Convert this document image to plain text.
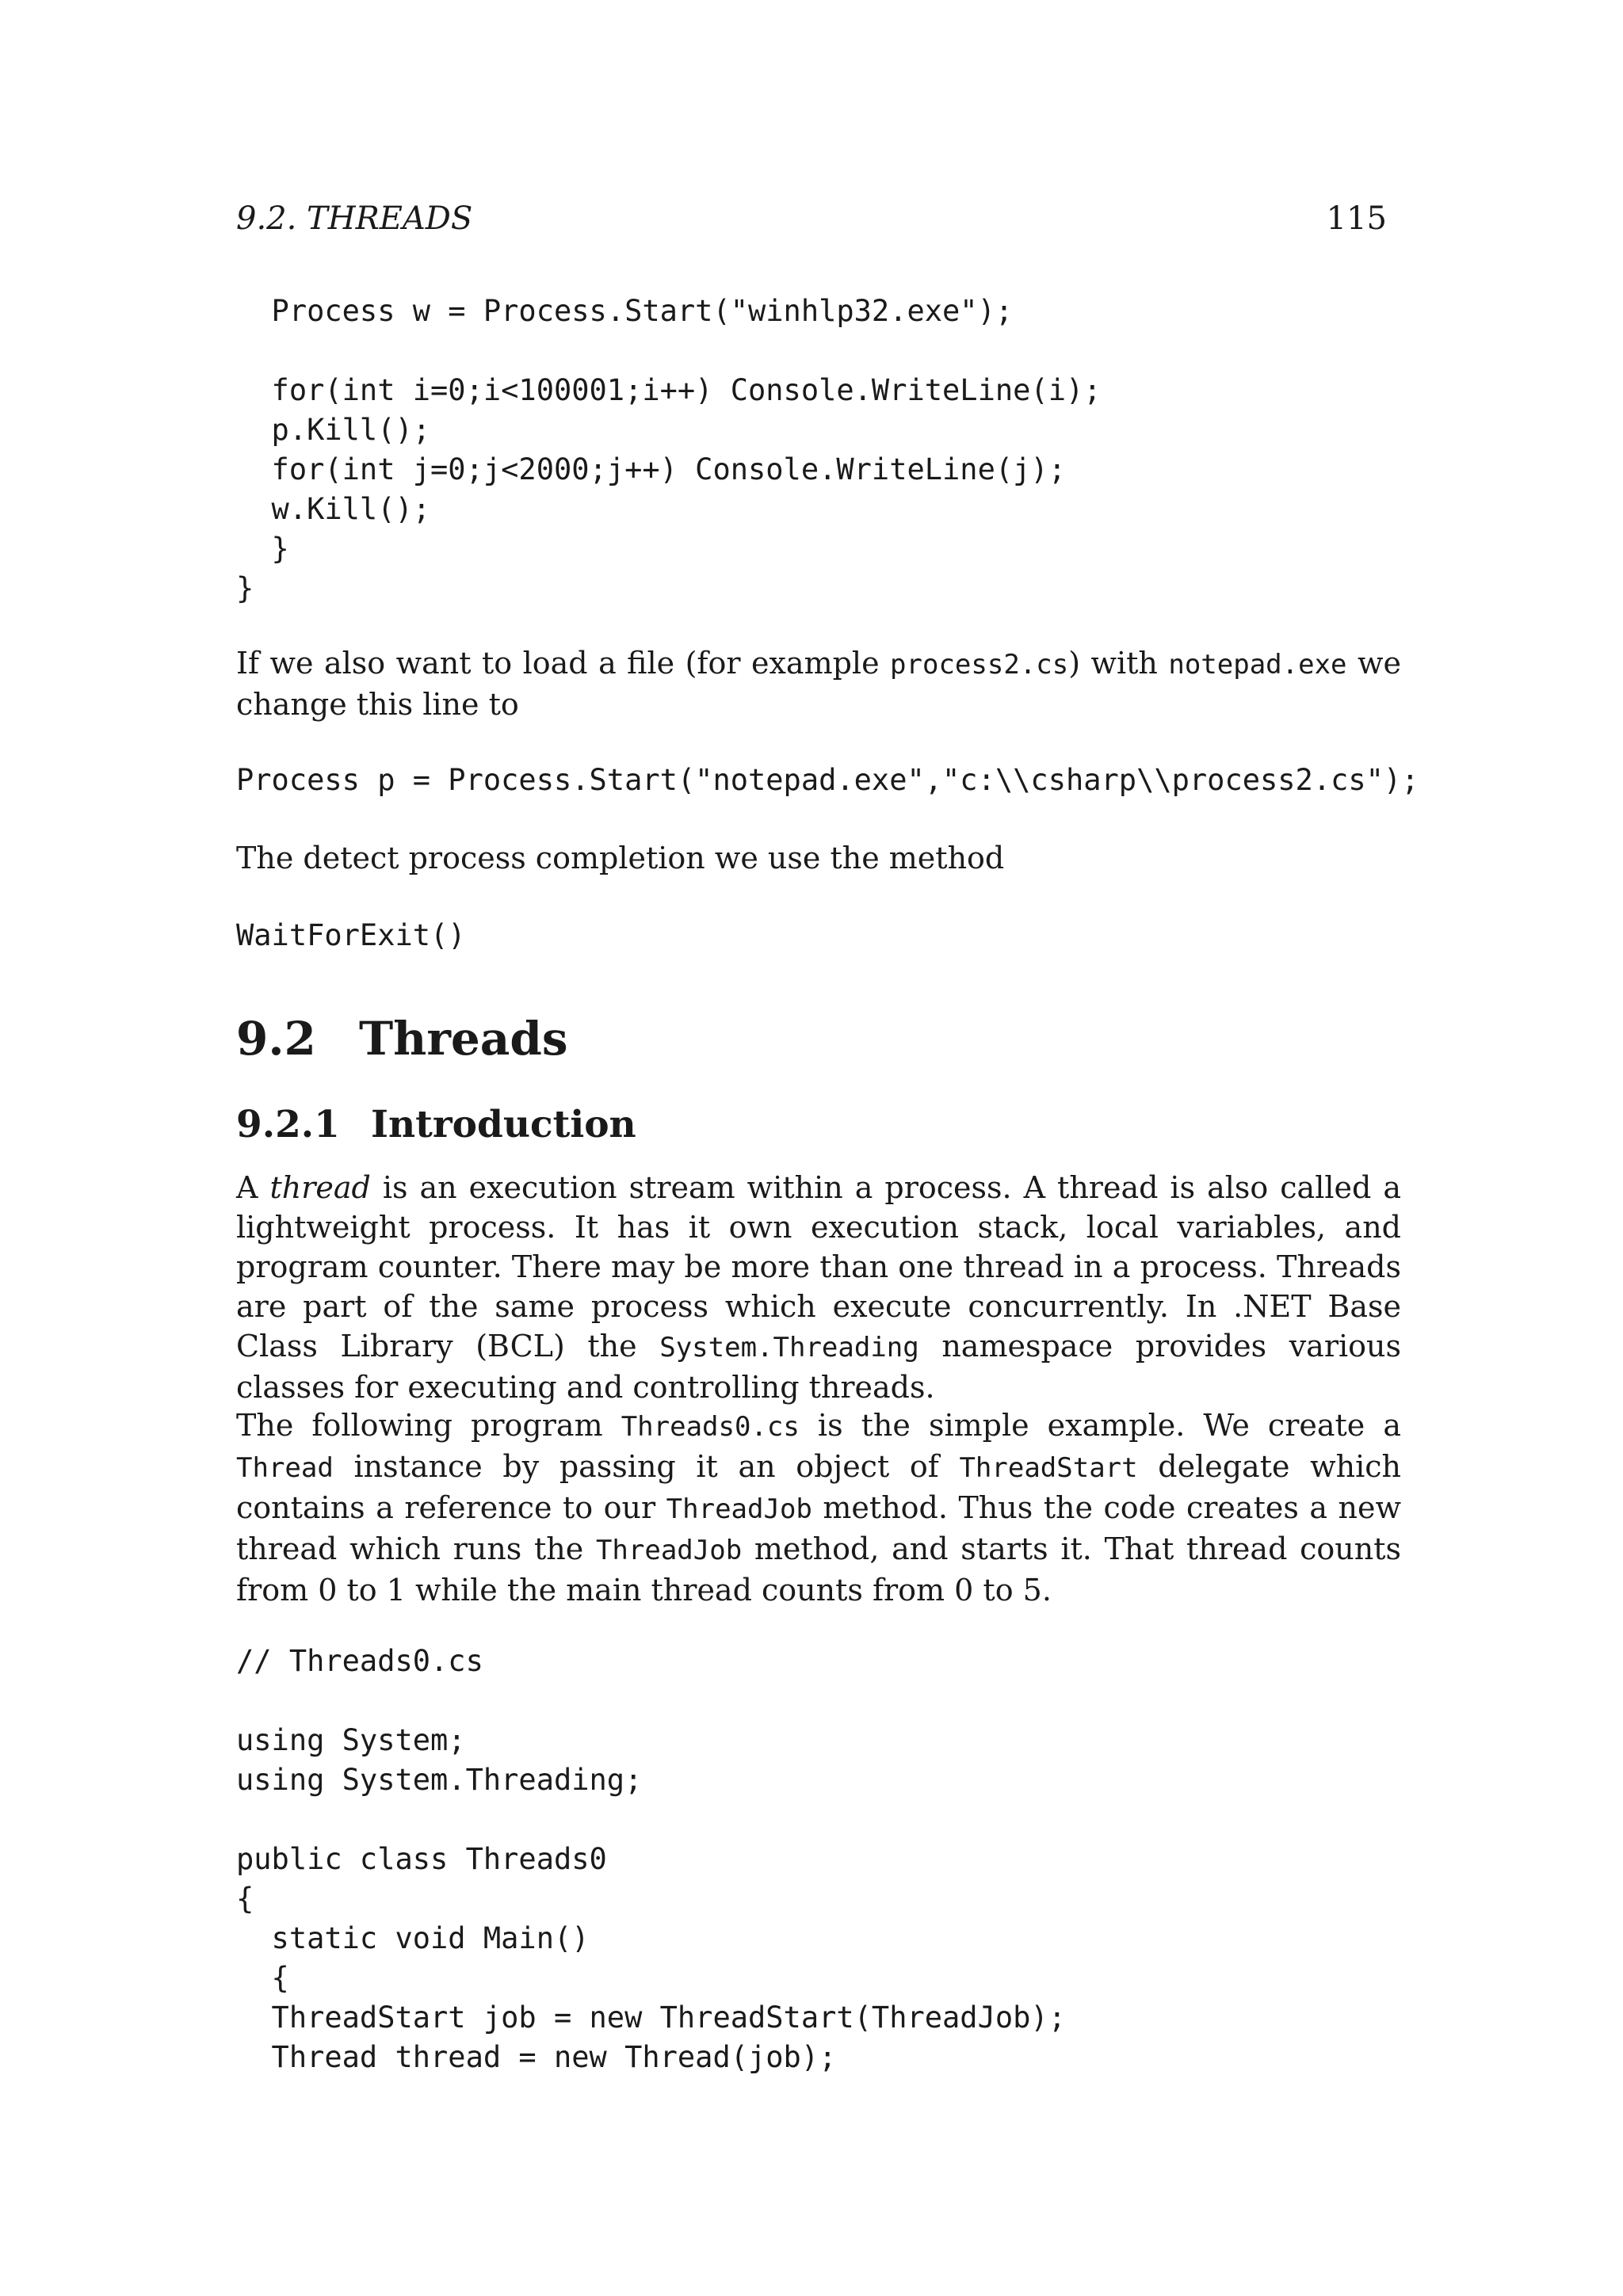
9.2. THREADS	115
Process w = Process.Start("winhlp32.exe");

for(int i=0;i<100001;i++) Console.WriteLine(i);
p.Kill();
for(int j=0;j<2000;j++) Console.WriteLine(j);
w.Kill();
}
}

If we also want to load a file (for example process2.cs) with notepad.exe we change this line to

Process p = Process.Start("notepad.exe","c:\\csharp\\process2.cs");

The detect process completion we use the method

WaitForExit()
9.2 Threads
9.2.1 Introduction

A thread is an execution stream within a process. A thread is also called a lightweight process. It has it own execution stack, local variables, and program counter. There may be more than one thread in a process. Threads are part of the same process which execute concurrently. In .NET Base Class Library (BCL) the System.Threading namespace provides various classes for executing and controlling threads.

The following program Threads0.cs is the simple example. We create a Thread instance by passing it an object of ThreadStart delegate which contains a reference to our ThreadJob method. Thus the code creates a new thread which runs the ThreadJob method, and starts it. That thread counts from 0 to 1 while the main thread counts from 0 to 5.

// Threads0.cs

using System;
using System.Threading;

public class Threads0
{
static void Main()
{
ThreadStart job = new ThreadStart(ThreadJob);
Thread thread = new Thread(job);
